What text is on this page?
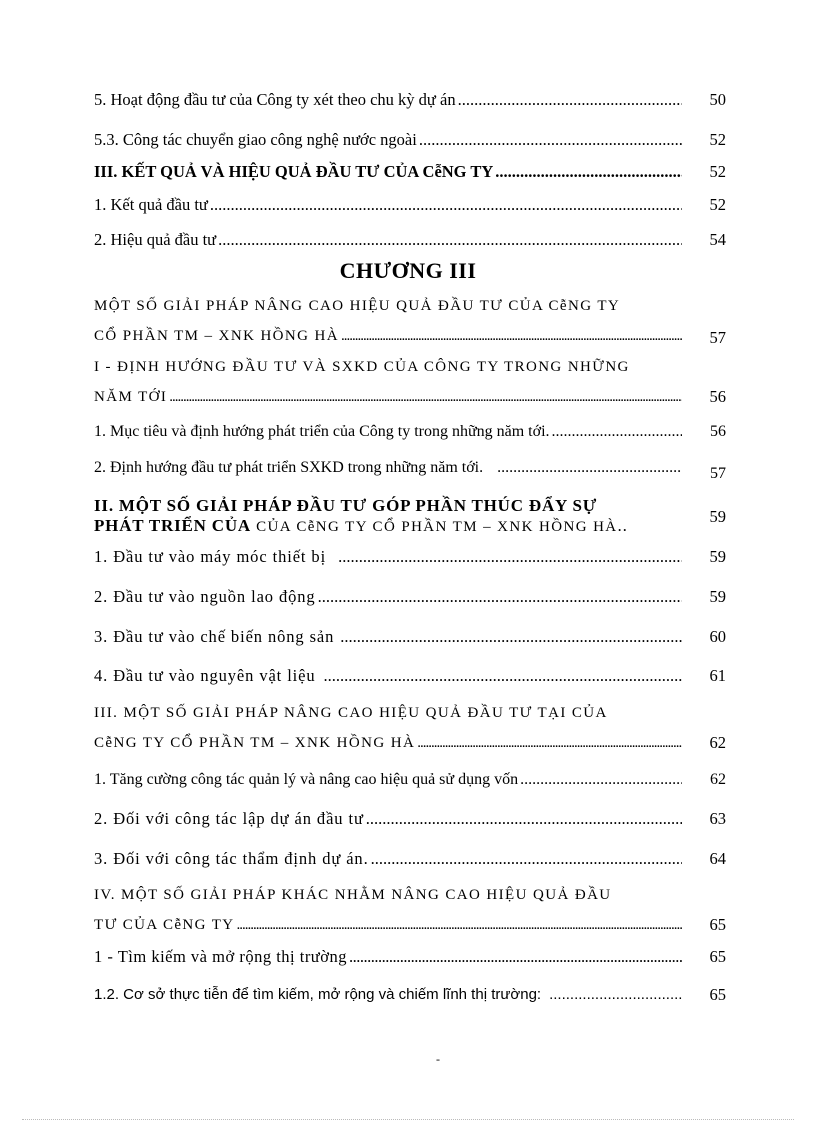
5. Hoạt động đầu tư của Công ty xét theo chu kỳ dự án .....	50
5.3. Công tác chuyển giao công nghệ nước ngoài .....	52
III. KẾT QUẢ VÀ HIỆU QUẢ ĐẦU TƯ CỦA CễNG TY .....	52
1. Kết quả đầu tư .....	52
2. Hiệu quả đầu tư .....	54
CHƯƠNG III
MỘT SỐ GIẢI PHÁP NÂNG CAO HIỆU QUẢ ĐẦU TƯ CỦA CễNG TY
CỔ PHẦN TM – XNK HỒNG HÀ .....	57
I - ĐỊNH HƯỚNG ĐẦU TƯ VÀ SXKD CỦA CÔNG TY TRONG NHỮNG
NĂM TỚI .....	56
1. Mục tiêu và định hướng phát triển của Công ty trong những năm tới. .....	56
2. Định hướng đầu tư phát triển SXKD trong những năm tới. .....	57
II. MỘT SỐ GIẢI PHÁP ĐẦU TƯ GÓP PHẦN THÚC ĐẨY SỰ
PHÁT TRIỂN CỦA CỦA CễNG TY CỔ PHẦN TM – XNK HỒNG HÀ..	59
1. Đầu tư vào máy móc thiết bị .....	59
2. Đầu tư vào nguồn lao động .....	59
3. Đầu tư vào chế biến nông sản .....	60
4. Đầu tư vào nguyên vật liệu .....	61
III. MỘT SỐ GIẢI PHÁP NÂNG CAO HIỆU QUẢ ĐẦU TƯ TẠI CỦA
CễNG TY CỔ PHẦN TM – XNK HỒNG HÀ .....	62
1. Tăng cường công tác quản lý và nâng cao hiệu quả sử dụng vốn .....	62
2. Đối với công tác lập dự án đầu tư .....	63
3. Đối với công tác thẩm định dự án. .....	64
IV. MỘT SỐ GIẢI PHÁP KHÁC NHẰM NÂNG CAO HIỆU QUẢ ĐẦU
TƯ CỦA CễNG TY .....	65
1 - Tìm kiếm và mở rộng thị trường .....	65
1.2. Cơ sở thực tiễn để tìm kiếm, mở rộng và chiếm lĩnh thị trường: .....	65
-
